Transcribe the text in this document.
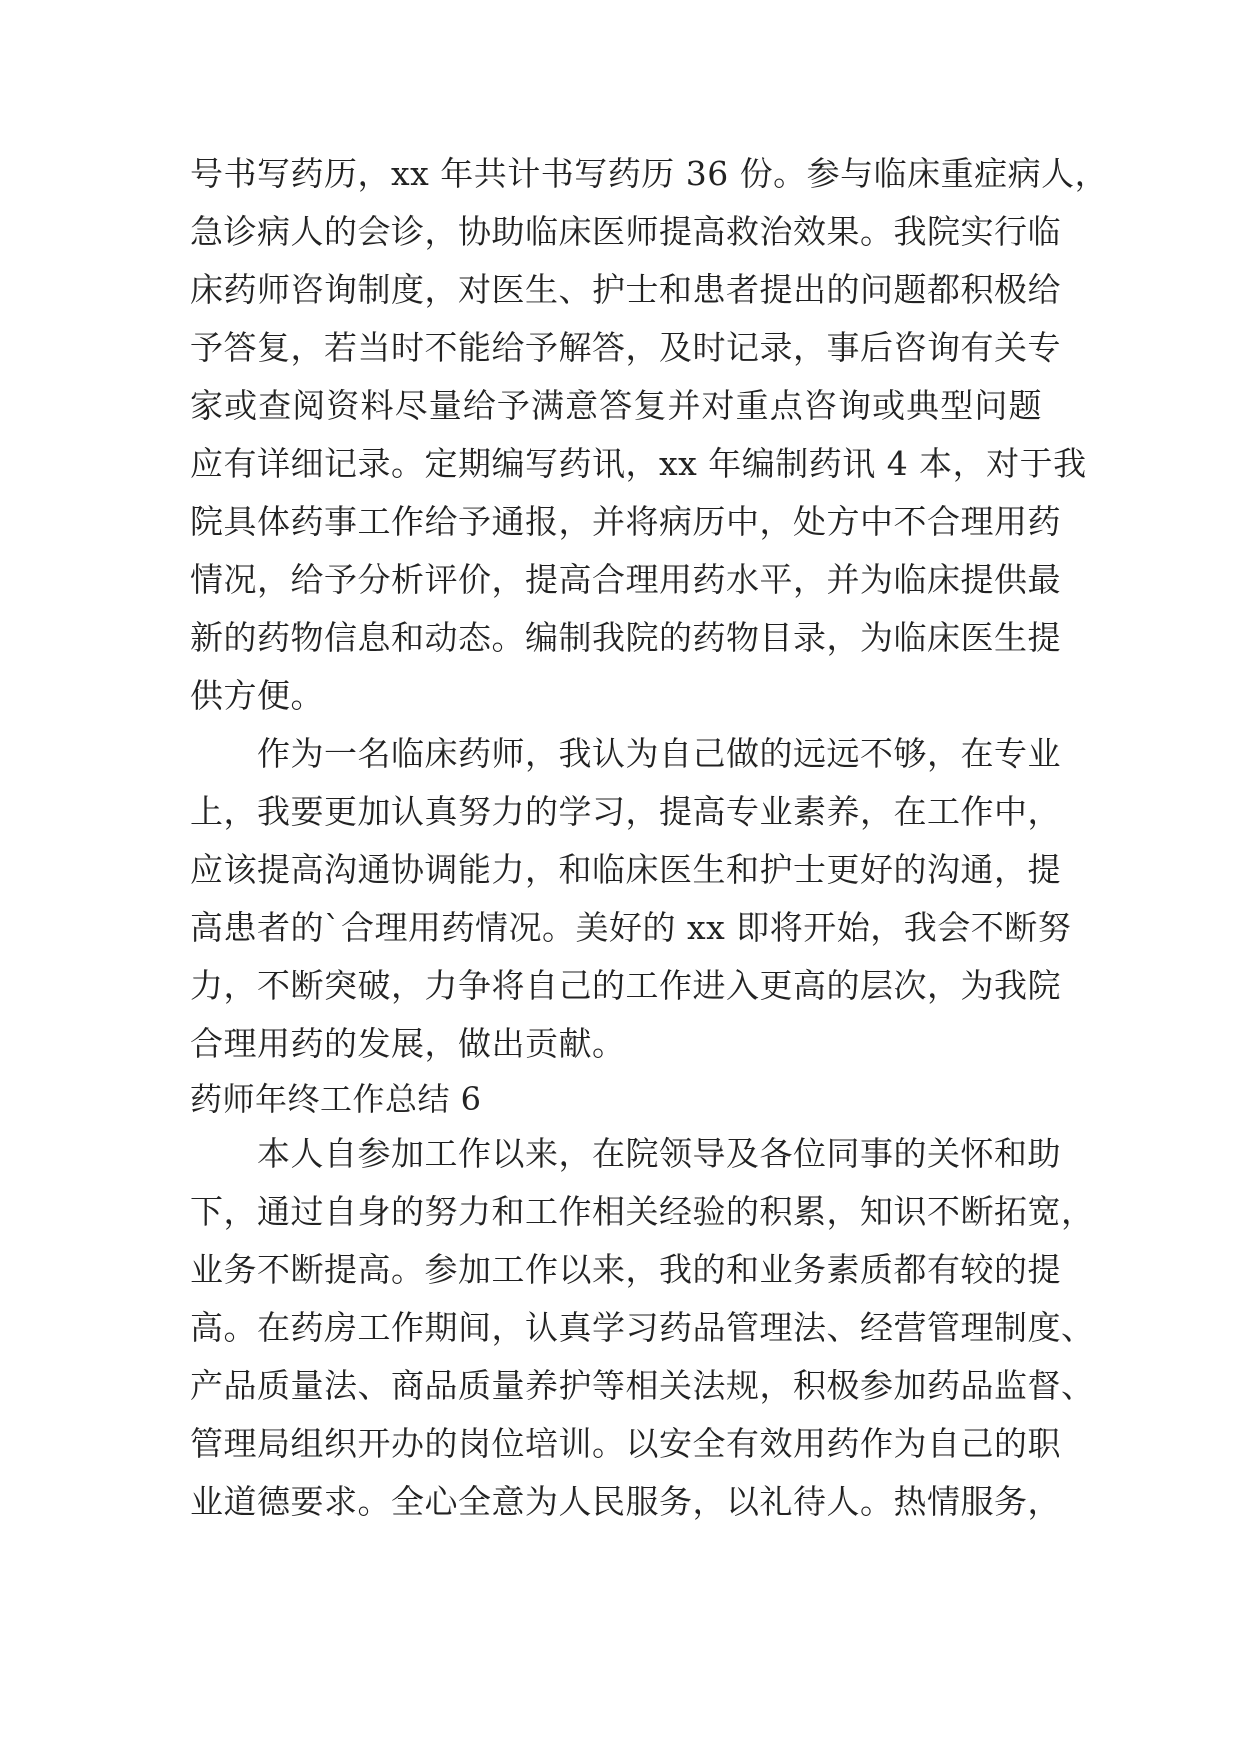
号书写药历，xx 年共计书写药历 36 份。参与临床重症病人，
急诊病人的会诊，协助临床医师提高救治效果。我院实行临
床药师咨询制度，对医生、护士和患者提出的问题都积极给
予答复，若当时不能给予解答，及时记录，事后咨询有关专
家或查阅资料尽量给予满意答复并对重点咨询或典型问题
应有详细记录。定期编写药讯，xx 年编制药讯 4 本，对于我
院具体药事工作给予通报，并将病历中，处方中不合理用药
情况，给予分析评价，提高合理用药水平，并为临床提供最
新的药物信息和动态。编制我院的药物目录，为临床医生提
供方便。
作为一名临床药师，我认为自己做的远远不够，在专业
上，我要更加认真努力的学习，提高专业素养，在工作中，
应该提高沟通协调能力，和临床医生和护士更好的沟通，提
高患者的`合理用药情况。美好的 xx 即将开始，我会不断努
力，不断突破，力争将自己的工作进入更高的层次，为我院
合理用药的发展，做出贡献。
药师年终工作总结 6
本人自参加工作以来，在院领导及各位同事的关怀和助
下，通过自身的努力和工作相关经验的积累，知识不断拓宽，
业务不断提高。参加工作以来，我的和业务素质都有较的提
高。在药房工作期间，认真学习药品管理法、经营管理制度、
产品质量法、商品质量养护等相关法规，积极参加药品监督、
管理局组织开办的岗位培训。以安全有效用药作为自己的职
业道德要求。全心全意为人民服务，以礼待人。热情服务，
